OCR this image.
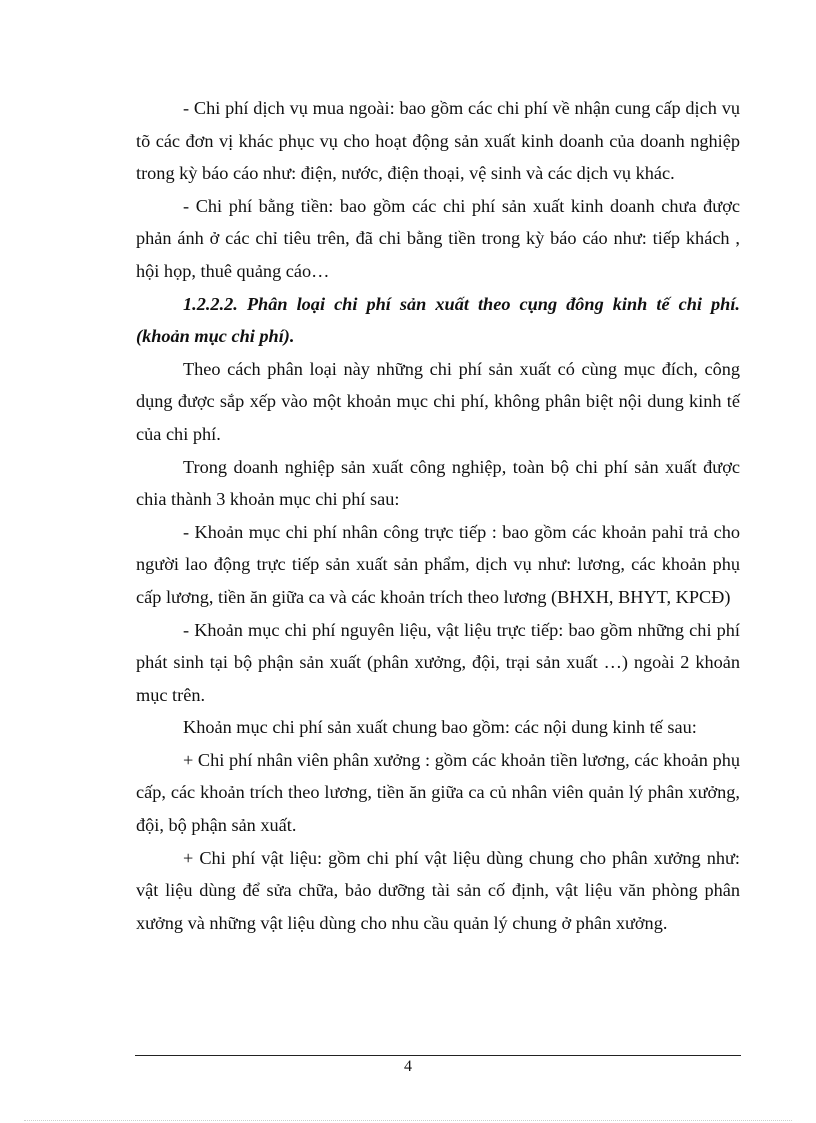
- Chi phí dịch vụ mua ngoài: bao gồm các chi phí về nhận cung cấp dịch vụ tõ các đơn vị khác phục vụ cho hoạt động sản xuất kinh doanh của doanh nghiệp trong kỳ báo cáo như: điện, nước, điện thoại, vệ sinh và các dịch vụ khác.

- Chi phí bằng tiền: bao gồm các chi phí sản xuất kinh doanh chưa được phản ánh ở các chỉ tiêu trên, đã chi bằng tiền trong kỳ báo cáo như: tiếp khách , hội họp, thuê quảng cáo…

1.2.2.2. Phân loại chi phí sản xuất theo cụng đông kinh tế chi phí. (khoản mục chi phí).

Theo cách phân loại này những chi phí sản xuất có cùng mục đích, công dụng được sắp xếp vào một khoản mục chi phí, không phân biệt nội dung kinh tế của chi phí.

Trong doanh nghiệp sản xuất công nghiệp, toàn bộ chi phí sản xuất được chia thành 3 khoản mục chi phí sau:

- Khoản mục chi phí nhân công trực tiếp : bao gồm các khoản pahỉ trả cho người lao động trực tiếp sản xuất sản phẩm, dịch vụ như: lương, các khoản phụ cấp lương, tiền ăn giữa ca và các khoản trích theo lương (BHXH, BHYT, KPCĐ)

- Khoản mục chi phí nguyên liệu, vật liệu trực tiếp: bao gồm những chi phí phát sinh tại bộ phận sản xuất (phân xưởng, đội, trại sản xuất …) ngoài 2 khoản mục trên.

Khoản mục chi phí sản xuất chung bao gồm: các nội dung kinh tế sau:

+ Chi phí nhân viên phân xưởng : gồm các khoản tiền lương, các khoản phụ cấp, các khoản trích theo lương, tiền ăn giữa ca củ nhân viên quản lý phân xưởng, đội, bộ phận sản xuất.

+ Chi phí vật liệu: gồm chi phí vật liệu dùng chung cho phân xưởng như: vật liệu dùng để sửa chữa, bảo dưỡng tài sản cố định, vật liệu văn phòng phân xưởng và những vật liệu dùng cho nhu cầu quản lý chung ở phân xưởng.

4
